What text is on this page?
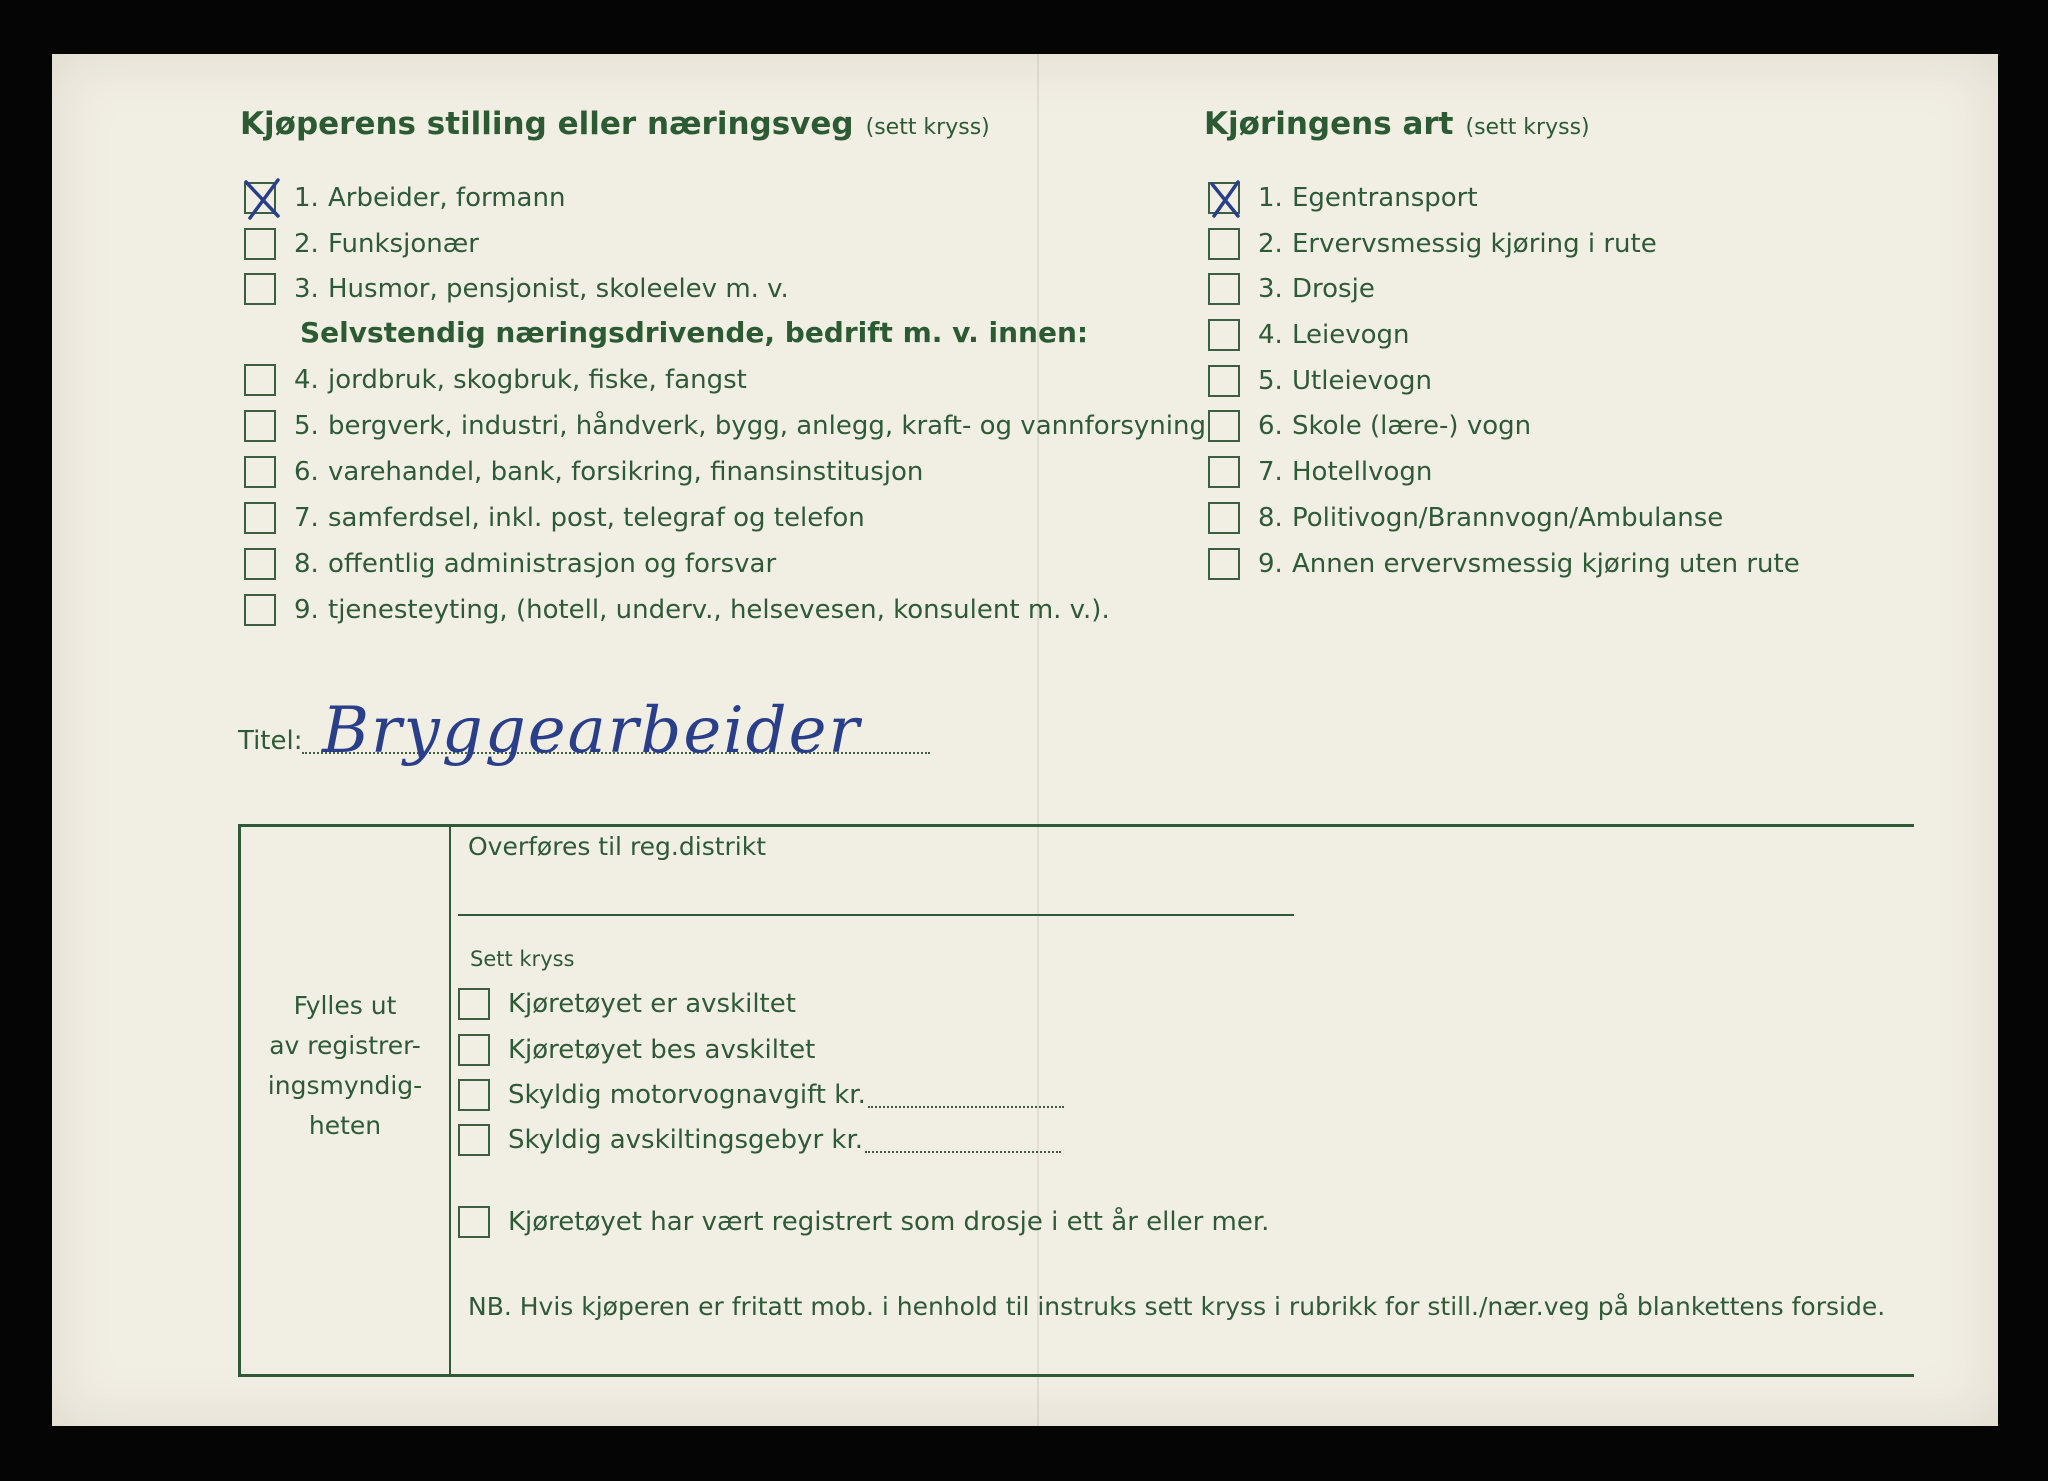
Kjøperens stilling eller næringsveg (sett kryss)
1. Arbeider, formann
2. Funksjonær
3. Husmor, pensjonist, skoleelev m. v.
Selvstendig næringsdrivende, bedrift m. v. innen:
4. jordbruk, skogbruk, fiske, fangst
5. bergverk, industri, håndverk, bygg, anlegg, kraft- og vannforsyning
6. varehandel, bank, forsikring, finansinstitusjon
7. samferdsel, inkl. post, telegraf og telefon
8. offentlig administrasjon og forsvar
9. tjenesteyting, (hotell, underv., helsevesen, konsulent m. v.).
Kjøringens art (sett kryss)
1. Egentransport
2. Ervervsmessig kjøring i rute
3. Drosje
4. Leievogn
5. Utleievogn
6. Skole (lære-) vogn
7. Hotellvogn
8. Politivogn/Brannvogn/Ambulanse
9. Annen ervervsmessig kjøring uten rute
Titel: Bryggearbeider
Fylles ut
av registrer-
ingsmyndig-
heten
Overføres til reg.distrikt
Sett kryss
Kjøretøyet er avskiltet
Kjøretøyet bes avskiltet
Skyldig motorvognavgift kr.
Skyldig avskiltingsgebyr kr.
Kjøretøyet har vært registrert som drosje i ett år eller mer.
NB. Hvis kjøperen er fritatt mob. i henhold til instruks sett kryss i rubrikk for still./nær.veg på blankettens forside.
